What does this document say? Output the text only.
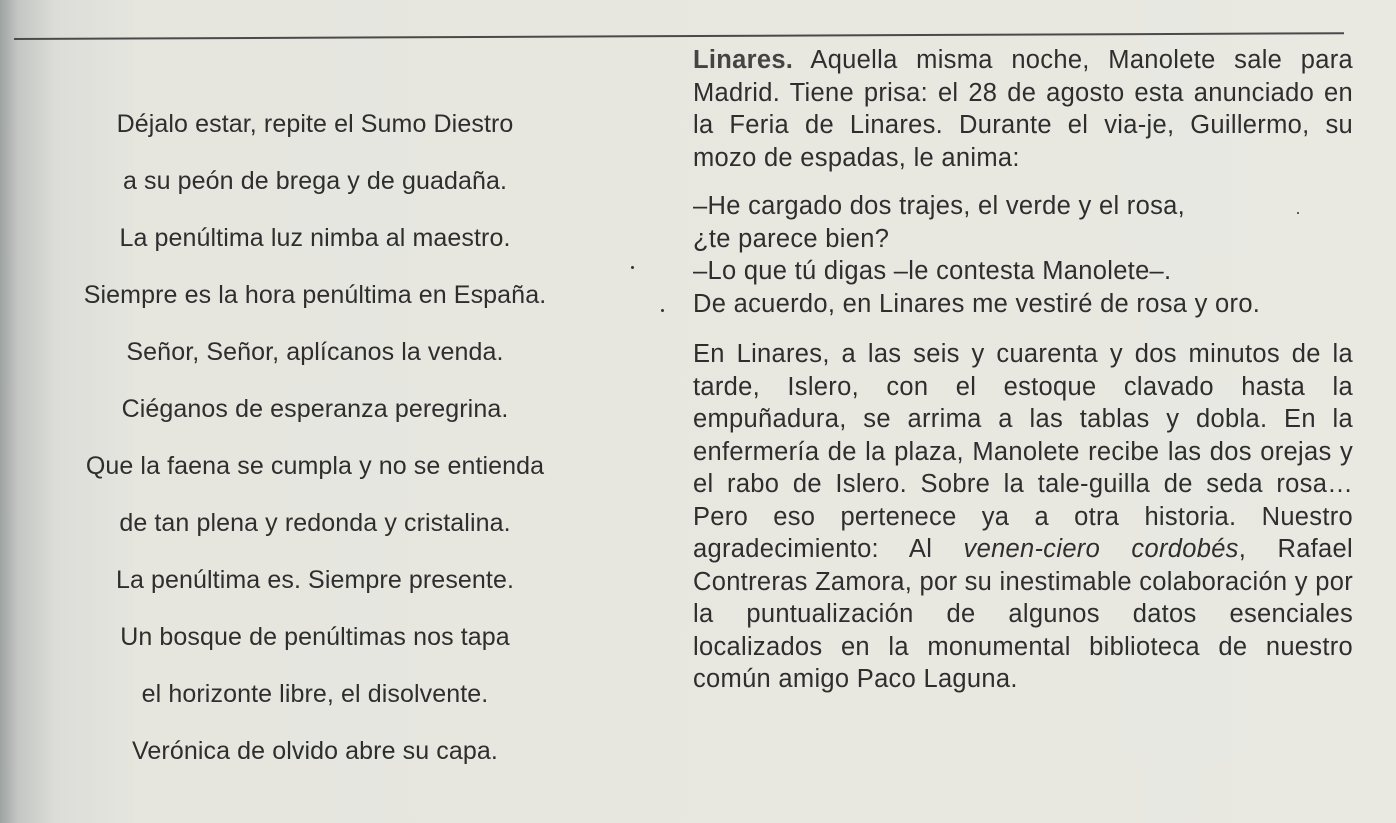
Déjalo estar, repite el Sumo Diestro
a su peón de brega y de guadaña.
La penúltima luz nimba al maestro.
Siempre es la hora penúltima en España.
Señor, Señor, aplícanos la venda.
Ciéganos de esperanza peregrina.
Que la faena se cumpla y no se entienda
de tan plena y redonda y cristalina.
La penúltima es. Siempre presente.
Un bosque de penúltimas nos tapa
el horizonte libre, el disolvente.
Verónica de olvido abre su capa.

Linares. Aquella misma noche, Manolete sale para Madrid. Tiene prisa: el 28 de agosto esta anunciado en la Feria de Linares. Durante el via-je, Guillermo, su mozo de espadas, le anima:

–He cargado dos trajes, el verde y el rosa,
¿te parece bien?
–Lo que tú digas –le contesta Manolete–.
De acuerdo, en Linares me vestiré de rosa y oro.

En Linares, a las seis y cuarenta y dos minutos de la tarde, Islero, con el estoque clavado hasta la empuñadura, se arrima a las tablas y dobla. En la enfermería de la plaza, Manolete recibe las dos orejas y el rabo de Islero. Sobre la tale-guilla de seda rosa… Pero eso pertenece ya a otra historia. Nuestro agradecimiento: Al venen-ciero cordobés, Rafael Contreras Zamora, por su inestimable colaboración y por la puntualización de algunos datos esenciales localizados en la monumental biblioteca de nuestro común amigo Paco Laguna.
